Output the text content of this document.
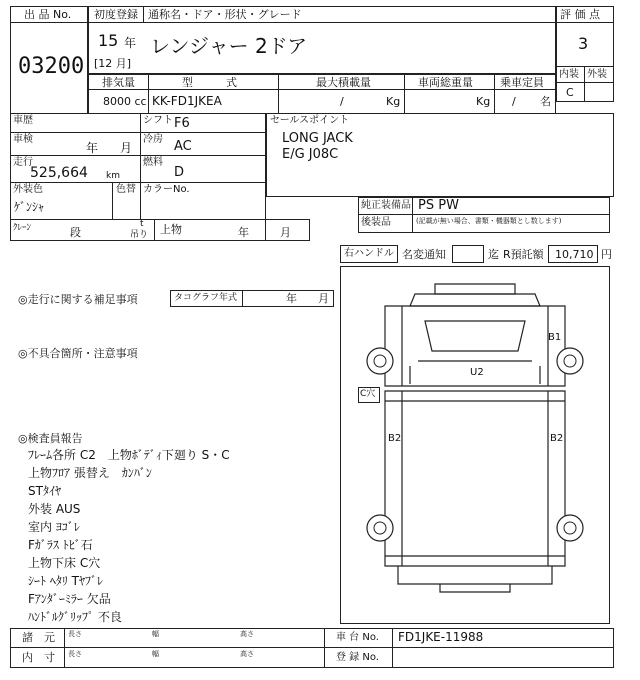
出 品 No.
03200
初度登録 通称名・ドア・形状・グレード
15 年
[12 月]
レンジャー 2ドア
評 価 点
3
内装 外装
C
排気量	型　　　式	最大積載量	車両総重量 乗車定員
8000 cc KK-FD1JKEA	/	Kg	Kg / 名
車歴	シフト F6
車検
年 月
冷房 AC
走行
525,664 km
燃料
D
外装色
ｹﾞﾝｼｬ
色替 カラーNo.
ｸﾚｰﾝ	段
t
吊り 上物	年	月
セールスポイント
LONG JACK
E/G J08C
純正装備品 PS PW
後装品	(記載が無い場合、書類・機器類とし数します)
右ハンドル 名変通知	迄 R預託額 10,710 円
◎走行に関する補足事項	タコグラフ年式	年 月
◎不具合箇所・注意事項
◎検査員報告
ﾌﾚｰﾑ各所 C2　上物ﾎﾞﾃﾞｨ下廻り S・C
上物ﾌﾛｱ 張替え　ｶﾝﾊﾞﾝ
STﾀｲﾔ
外装 AUS
室内 ﾖｺﾞﾚ
Fｶﾞﾗｽ ﾄﾋﾞ石
上物下床 C穴
ｼｰﾄ ﾍﾀﾘ Tﾔﾌﾞﾚ
Fｱﾝﾀﾞｰﾐﾗｰ 欠品
ﾊﾝﾄﾞﾙｸﾞﾘｯﾌﾟ 不良
B1
U2
C穴
B2	B2
諸　元
内　寸
長さ	幅	高さ
長さ	幅	高さ
車 台 No. FD1JKE-11988
登 録 No.
